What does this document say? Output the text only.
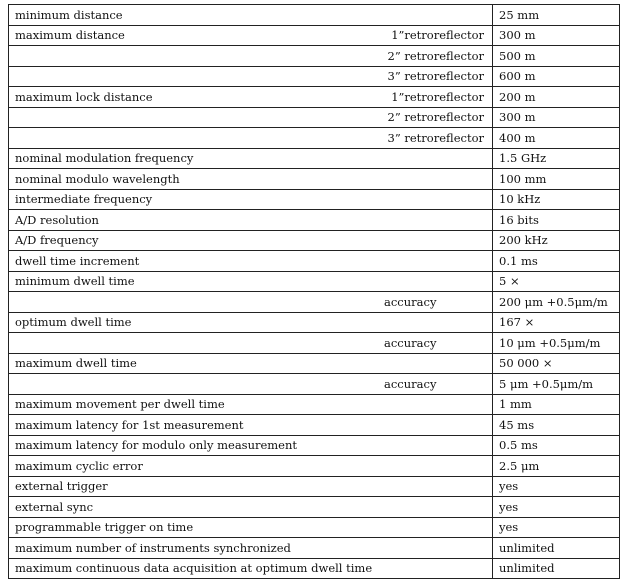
minimum distance	25 mm

maximum distance 1”retroreflector	300 m

2” retroreflector	500 m

3” retroreflector	600 m

maximum lock distance 1”retroreflector	200 m

2” retroreflector	300 m

3” retroreflector	400 m

nominal modulation frequency	1.5 GHz

nominal modulo wavelength	100 mm

intermediate frequency	10 kHz

A/D resolution	16 bits

A/D frequency	200 kHz

dwell time increment	0.1 ms

minimum dwell time	5 ×

accuracy	200 μm +0.5μm/m

optimum dwell time	167 ×

accuracy	10 μm +0.5μm/m

maximum dwell time	50 000 ×

accuracy	5 μm +0.5μm/m

maximum movement per dwell time	1 mm

maximum latency for 1st measurement	45 ms

maximum latency for modulo only measurement	0.5 ms

maximum cyclic error	2.5 μm

external trigger	yes

external sync	yes

programmable trigger on time	yes

maximum number of instruments synchronized	unlimited

maximum continuous data acquisition at optimum dwell time	unlimited
